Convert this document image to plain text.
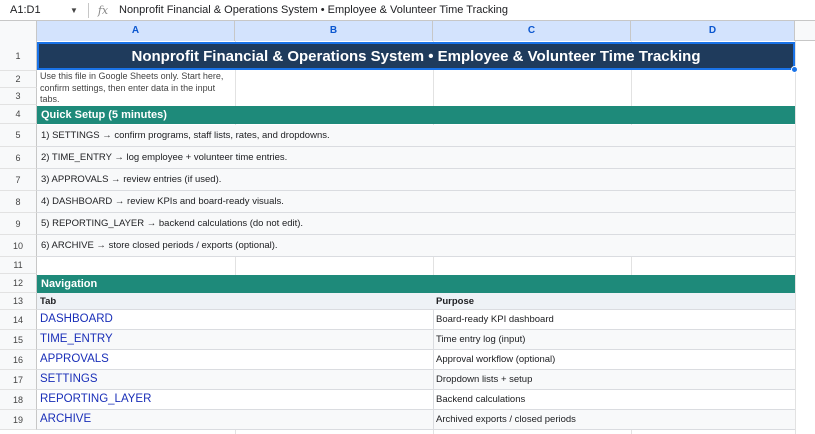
A1:D1	▼	fx Nonprofit Financial & Operations System • Employee & Volunteer Time Tracking
A	B	C	D
1
2
3
4
5
6
7
8
9
10
11
12
13
14
15
16
17
18
19
Nonprofit Financial & Operations System • Employee & Volunteer Time Tracking
Use this file in Google Sheets only. Start here, confirm settings, then enter data in the input tabs.
Quick Setup (5 minutes)
1) SETTINGS → confirm programs, staff lists, rates, and dropdowns.
2) TIME_ENTRY → log employee + volunteer time entries.
3) APPROVALS → review entries (if used).
4) DASHBOARD → review KPIs and board-ready visuals.
5) REPORTING_LAYER → backend calculations (do not edit).
6) ARCHIVE → store closed periods / exports (optional).
Navigation
Tab	Purpose
DASHBOARD	Board-ready KPI dashboard
TIME_ENTRY	Time entry log (input)
APPROVALS	Approval workflow (optional)
SETTINGS	Dropdown lists + setup
REPORTING_LAYER	Backend calculations
ARCHIVE	Archived exports / closed periods
